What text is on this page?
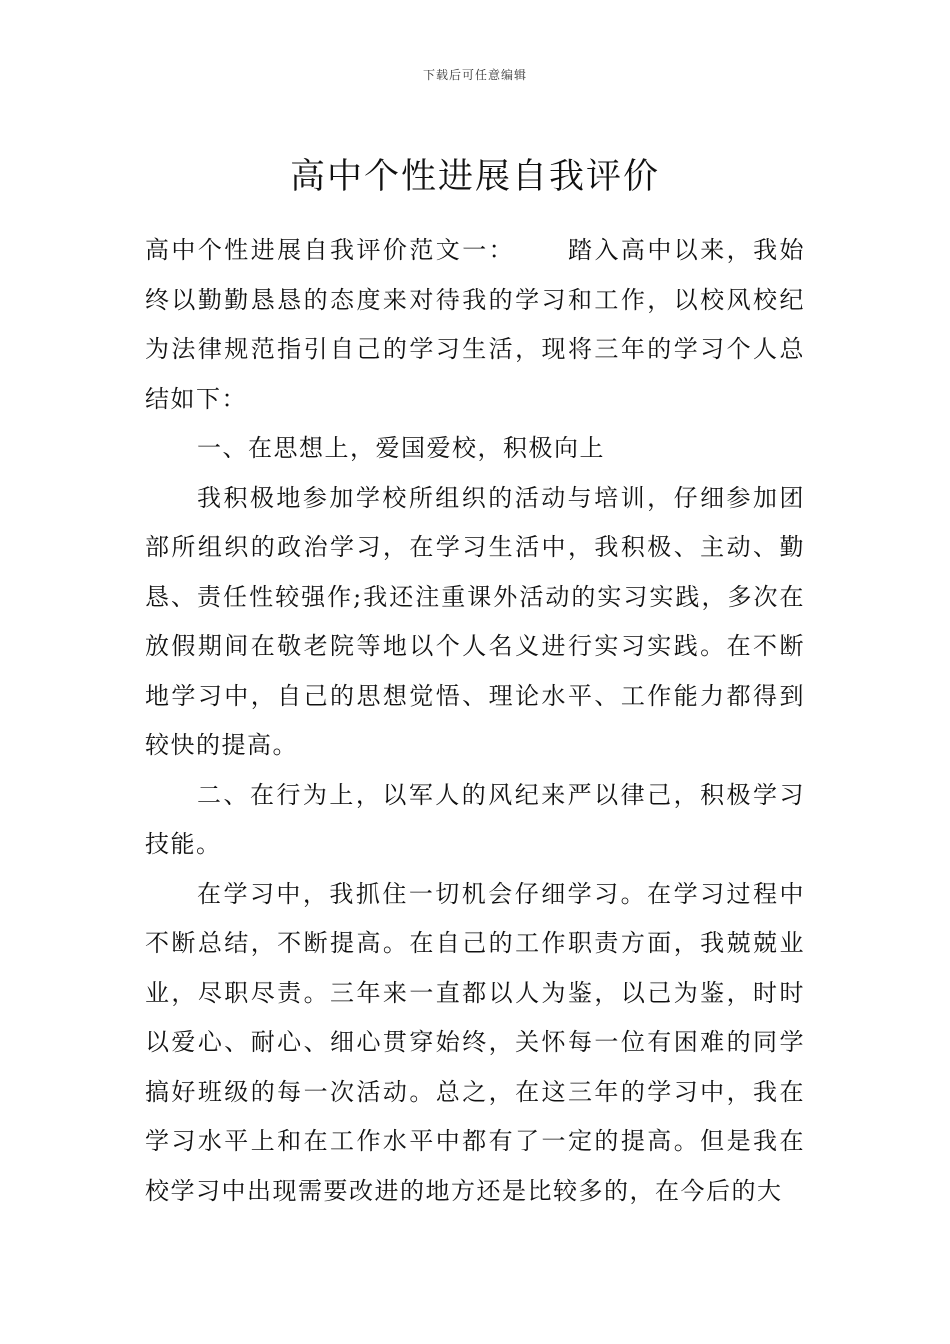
下载后可任意编辑
高中个性进展自我评价

高中个性进展自我评价范文一： 踏入高中以来，我始终以勤勤恳恳的态度来对待我的学习和工作，以校风校纪为法律规范指引自己的学习生活，现将三年的学习个人总结如下：

一、在思想上，爱国爱校，积极向上

我积极地参加学校所组织的活动与培训，仔细参加团部所组织的政治学习，在学习生活中，我积极、主动、勤恳、责任性较强作;我还注重课外活动的实习实践，多次在放假期间在敬老院等地以个人名义进行实习实践。在不断地学习中，自己的思想觉悟、理论水平、工作能力都得到较快的提高。

二、在行为上，以军人的风纪来严以律己，积极学习技能。

在学习中，我抓住一切机会仔细学习。在学习过程中不断总结，不断提高。在自己的工作职责方面，我兢兢业业，尽职尽责。三年来一直都以人为鉴，以己为鉴，时时以爱心、耐心、细心贯穿始终，关怀每一位有困难的同学搞好班级的每一次活动。总之，在这三年的学习中，我在学习水平上和在工作水平中都有了一定的提高。但是我在校学习中出现需要改进的地方还是比较多的，在今后的大
